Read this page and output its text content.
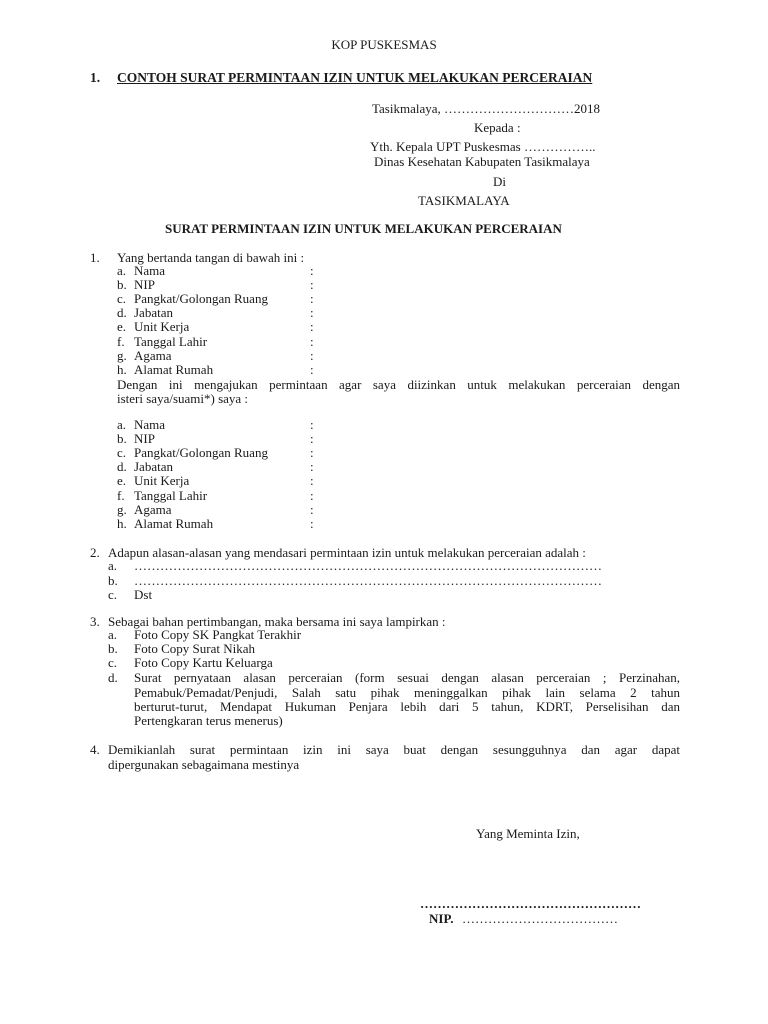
KOP PUSKESMAS
1. CONTOH SURAT PERMINTAAN IZIN UNTUK MELAKUKAN PERCERAIAN
Tasikmalaya, …………………………2018
Kepada :
Yth. Kepala UPT Puskesmas ……………..
Dinas Kesehatan Kabupaten Tasikmalaya
Di
TASIKMALAYA
SURAT PERMINTAAN IZIN UNTUK MELAKUKAN PERCERAIAN
1. Yang bertanda tangan di bawah ini :
a. Nama	:
b. NIP	:
c. Pangkat/Golongan Ruang	:
d. Jabatan	:
e. Unit Kerja	:
f. Tanggal Lahir	:
g. Agama	:
h. Alamat Rumah	:
Dengan ini mengajukan permintaan agar saya diizinkan untuk melakukan perceraian dengan
isteri saya/suami*) saya :
a. Nama	:
b. NIP	:
c. Pangkat/Golongan Ruang	:
d. Jabatan	:
e. Unit Kerja	:
f. Tanggal Lahir	:
g. Agama	:
h. Alamat Rumah	:
2. Adapun alasan-alasan yang mendasari permintaan izin untuk melakukan perceraian adalah :
a. ………………………………………………………………………………………………
b. ………………………………………………………………………………………………
c. Dst
3. Sebagai bahan pertimbangan, maka bersama ini saya lampirkan :
a. Foto Copy SK Pangkat Terakhir
b. Foto Copy Surat Nikah
c. Foto Copy Kartu Keluarga
d. Surat pernyataan alasan perceraian (form sesuai dengan alasan perceraian ; Perzinahan,
Pemabuk/Pemadat/Penjudi, Salah satu pihak meninggalkan pihak lain selama 2 tahun
berturut-turut, Mendapat Hukuman Penjara lebih dari 5 tahun, KDRT, Perselisihan dan
Pertengkaran terus menerus)
4. Demikianlah surat permintaan izin ini saya buat dengan sesungguhnya dan agar dapat
dipergunakan sebagaimana mestinya
Yang Meminta Izin,
……………………………………………
NIP. ………………………………
